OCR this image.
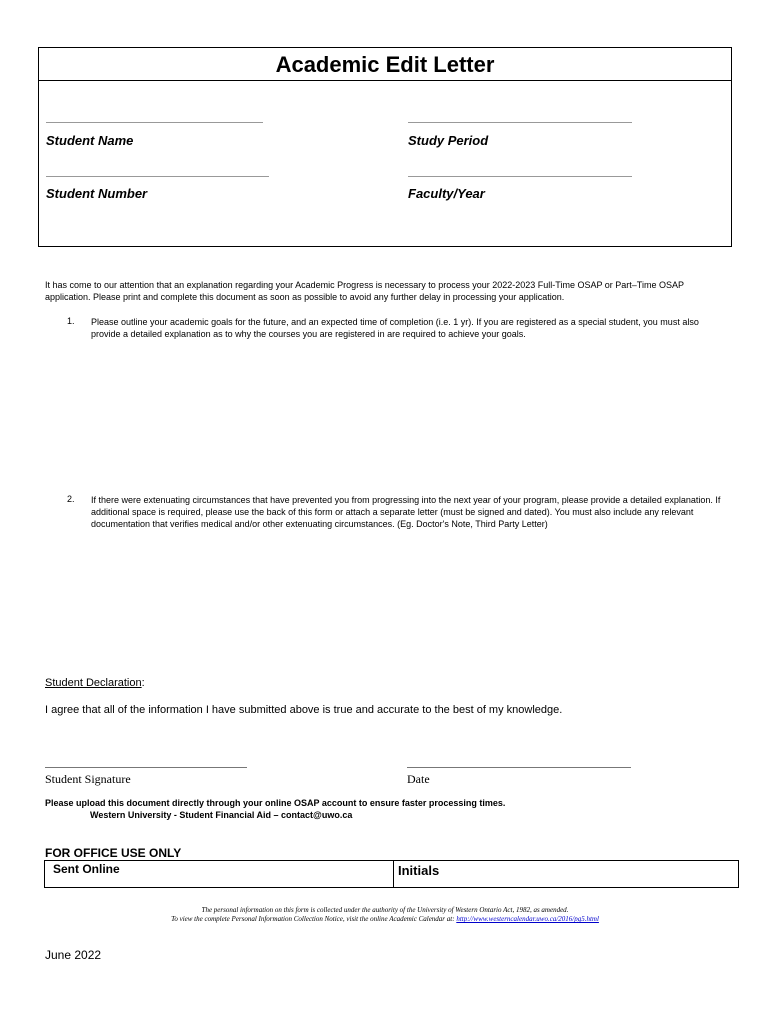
Academic Edit Letter
Student Name	Study Period
Student Number	Faculty/Year
It has come to our attention that an explanation regarding your Academic Progress is necessary to process your 2022-2023 Full-Time OSAP or Part–Time OSAP application. Please print and complete this document as soon as possible to avoid any further delay in processing your application.
1. Please outline your academic goals for the future, and an expected time of completion (i.e. 1 yr). If you are registered as a special student, you must also provide a detailed explanation as to why the courses you are registered in are required to achieve your goals.
2. If there were extenuating circumstances that have prevented you from progressing into the next year of your program, please provide a detailed explanation. If additional space is required, please use the back of this form or attach a separate letter (must be signed and dated). You must also include any relevant documentation that verifies medical and/or other extenuating circumstances. (Eg. Doctor's Note, Third Party Letter)
Student Declaration:
I agree that all of the information I have submitted above is true and accurate to the best of my knowledge.
Student Signature	Date
Please upload this document directly through your online OSAP account to ensure faster processing times.
Western University - Student Financial Aid – contact@uwo.ca
FOR OFFICE USE ONLY
Sent Online	Initials
The personal information on this form is collected under the authority of the University of Western Ontario Act, 1982, as amended.
To view the complete Personal Information Collection Notice, visit the online Academic Calendar at: http://www.westerncalendar.uwo.ca/2016/pg5.html
June 2022
